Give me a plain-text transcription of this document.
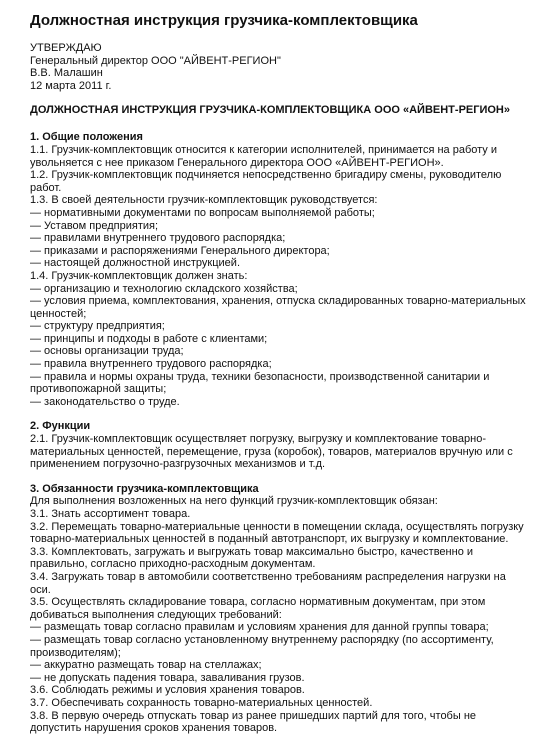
Должностная инструкция грузчика-комплектовщика
УТВЕРЖДАЮ
Генеральный директор ООО "АЙВЕНТ-РЕГИОН"
В.В. Малашин
12 марта 2011 г.
ДОЛЖНОСТНАЯ ИНСТРУКЦИЯ ГРУЗЧИКА-КОМПЛЕКТОВЩИКА ООО «АЙВЕНТ-РЕГИОН»
1. Общие положения
1.1. Грузчик-комплектовщик относится к категории исполнителей, принимается на работу и
увольняется с нее приказом Генерального директора ООО «АЙВЕНТ-РЕГИОН».
1.2. Грузчик-комплектовщик подчиняется непосредственно бригадиру смены, руководителю
работ.
1.3. В своей деятельности грузчик-комплектовщик руководствуется:
— нормативными документами по вопросам выполняемой работы;
— Уставом предприятия;
— правилами внутреннего трудового распорядка;
— приказами и распоряжениями Генерального директора;
— настоящей должностной инструкцией.
1.4. Грузчик-комплектовщик должен знать:
— организацию и технологию складского хозяйства;
— условия приема, комплектования, хранения, отпуска складированных товарно-материальных
ценностей;
— структуру предприятия;
— принципы и подходы в работе с клиентами;
— основы организации труда;
— правила внутреннего трудового распорядка;
— правила и нормы охраны труда, техники безопасности, производственной санитарии и
противопожарной защиты;
— законодательство о труде.
2. Функции
2.1. Грузчик-комплектовщик осуществляет погрузку, выгрузку и комплектование товарно-
материальных ценностей, перемещение, груза (коробок), товаров, материалов вручную или с
применением погрузочно-разгрузочных механизмов и т.д.
3. Обязанности грузчика-комплектовщика
Для выполнения возложенных на него функций грузчик-комплектовщик обязан:
3.1. Знать ассортимент товара.
3.2. Перемещать товарно-материальные ценности в помещении склада, осуществлять погрузку
товарно-материальных ценностей в поданный автотранспорт, их выгрузку и комплектование.
3.3. Комплектовать, загружать и выгружать товар максимально быстро, качественно и
правильно, согласно приходно-расходным документам.
3.4. Загружать товар в автомобили соответственно требованиям распределения нагрузки на
оси.
3.5. Осуществлять складирование товара, согласно нормативным документам, при этом
добиваться выполнения следующих требований:
— размещать товар согласно правилам и условиям хранения для данной группы товара;
— размещать товар согласно установленному внутреннему распорядку (по ассортименту,
производителям);
— аккуратно размещать товар на стеллажах;
— не допускать падения товара, заваливания грузов.
3.6. Соблюдать режимы и условия хранения товаров.
3.7. Обеспечивать сохранность товарно-материальных ценностей.
3.8. В первую очередь отпускать товар из ранее пришедших партий для того, чтобы не
допустить нарушения сроков хранения товаров.
